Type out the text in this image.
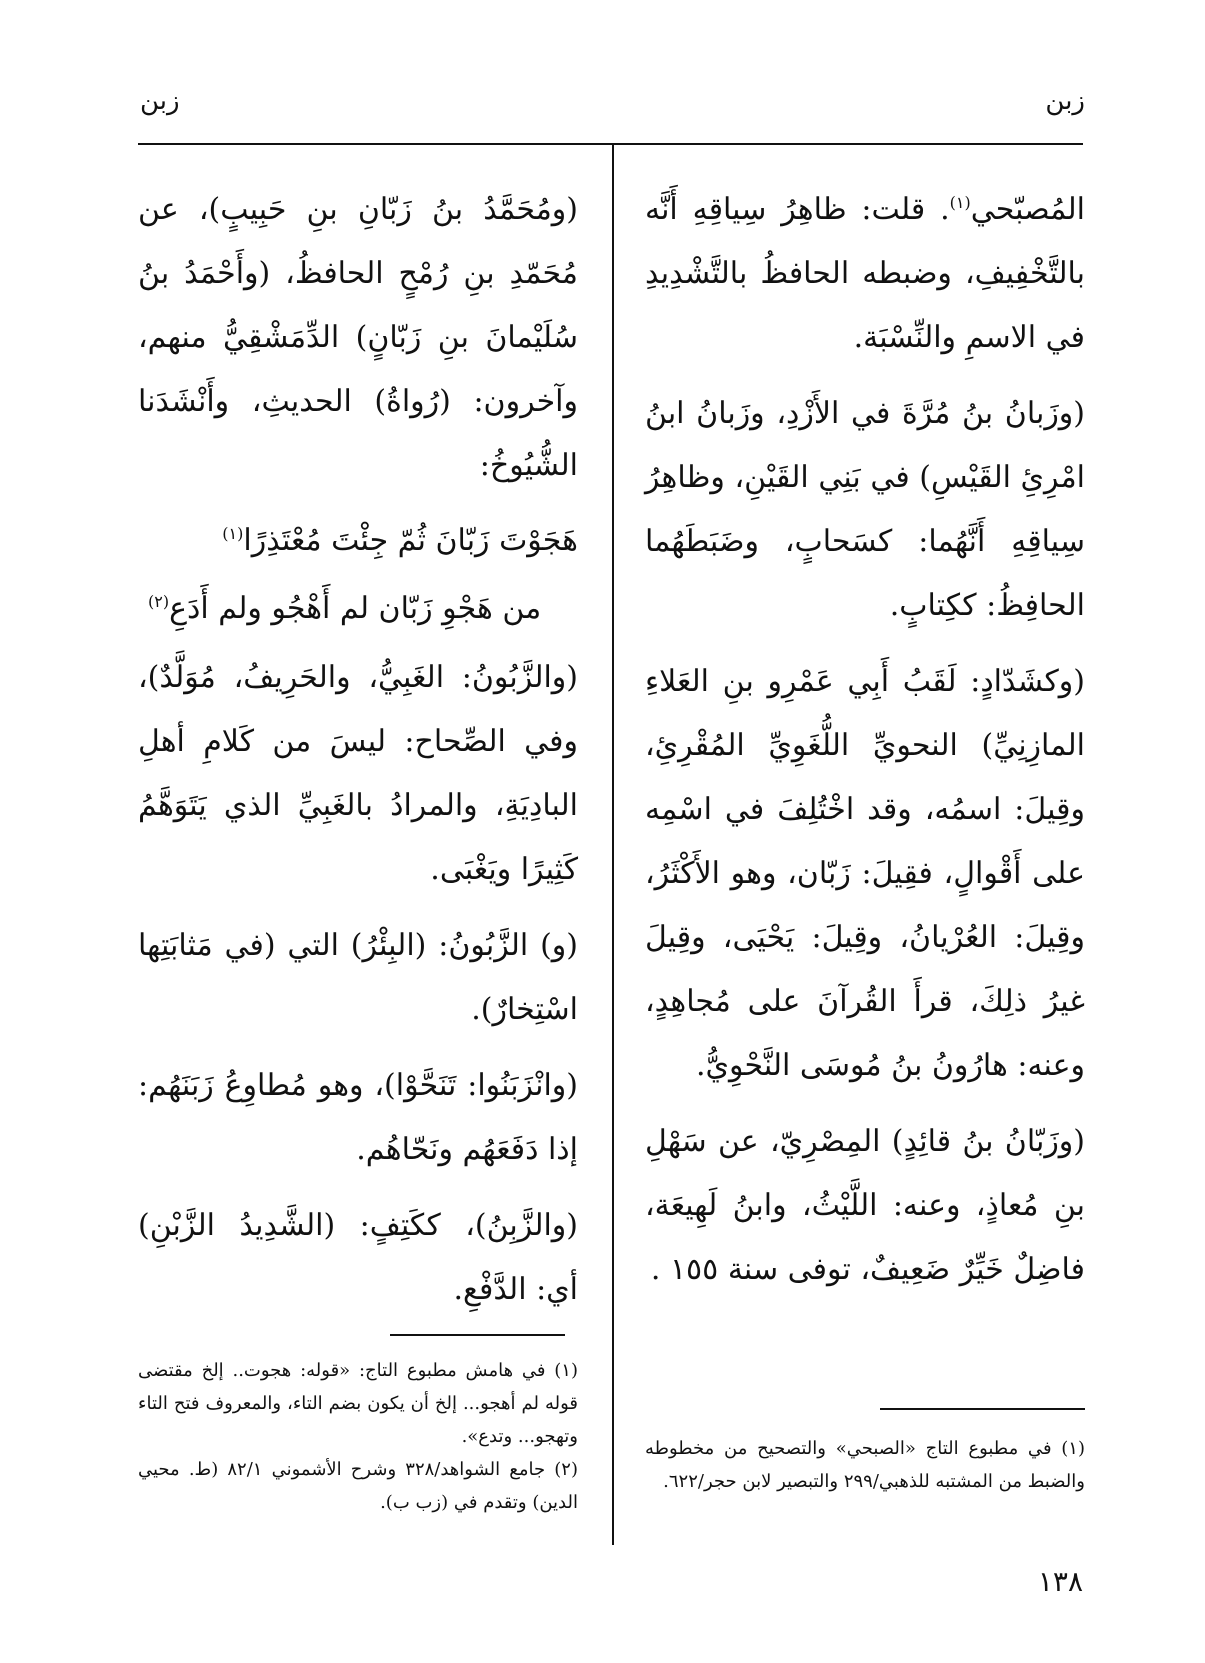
زبن
زبن

المُصبّحي$^{(١)}$. قلت: ظاهِرُ سِياقِهِ أَنَّه بالتَّخْفِيفِ، وضبطه الحافظُ بالتَّشْدِيدِ في الاسمِ والنِّسْبَة.

(وزَبانُ بنُ مُرَّةَ في الأَزْدِ، وزَبانُ ابنُ امْرِئِ القَيْسِ) في بَنِي القَيْنِ، وظاهِرُ سِياقِهِ أَنَّهُما: كسَحابٍ، وضَبَطَهُما الحافِظُ: ككِتابٍ.

(وكشَدّادٍ: لَقَبُ أَبِي عَمْرِو بنِ العَلاءِ المازِنِيِّ) النحويِّ اللُّغَوِيِّ المُقْرِئِ، وقِيلَ: اسمُه، وقد اخْتُلِفَ في اسْمِه على أَقْوالٍ، فقِيلَ: زَبّان، وهو الأَكْثَرُ، وقِيلَ: العُرْيانُ، وقِيلَ: يَحْيَى، وقِيلَ غيرُ ذلِكَ، قرأَ القُرآنَ على مُجاهِدٍ، وعنه: هارُونُ بنُ مُوسَى النَّحْوِيُّ.

(وزَبّانُ بنُ قائِدٍ) المِصْرِيّ، عن سَهْلِ بنِ مُعاذٍ، وعنه: اللَّيْثُ، وابنُ لَهِيعَة، فاضِلٌ خَيِّرٌ ضَعِيفٌ، توفى سنة ١٥٥ .

(ومُحَمَّدُ بنُ زَبّانِ بنِ حَبِيبٍ)، عن مُحَمّدِ بنِ رُمْحٍ الحافظُ، (وأَحْمَدُ بنُ سُلَيْمانَ بنِ زَبّانٍ) الدِّمَشْقِيُّ منهم، وآخرون: (رُواةُ) الحديثِ، وأَنْشَدَنا الشُّيُوخُ:

هَجَوْتَ زَبّانَ ثُمّ جِئْتَ مُعْتَذِرًا$^{(١)}$
من هَجْوِ زَبّان لم أَهْجُو ولم أَدَعِ$^{(٢)}$

(والزَّبُونُ: الغَبِيُّ، والحَرِيفُ، مُوَلَّدٌ)، وفي الصِّحاح: ليسَ من كَلامِ أهلِ البادِيَةِ، والمرادُ بالغَبِيِّ الذي يَتَوَهَّمُ كَثِيرًا ويَغْبَى.

(و) الزَّبُونُ: (البِئْرُ) التي (في مَثابَتِها اسْتِخارٌ).

(وانْزَبَنُوا: تَنَحَّوْا)، وهو مُطاوِعُ زَبَنَهُم: إذا دَفَعَهُم ونَحّاهُم.

(والزَّبِنُ)، ككَتِفٍ: (الشَّدِيدُ الزَّبْنِ) أي: الدَّفْعِ.

(١) في مطبوع التاج «الصبحي» والتصحيح من مخطوطه والضبط من المشتبه للذهبي/٢٩٩ والتبصير لابن حجر/٦٢٢.
(١) في هامش مطبوع التاج: «قوله: هجوت.. إلخ مقتضى قوله لم أهجو... إلخ أن يكون بضم التاء، والمعروف فتح التاء وتهجو... وتدع».
(٢) جامع الشواهد/٣٢٨ وشرح الأشموني ٨٢/١ (ط. محيي الدين) وتقدم في (زب ب).
١٣٨
